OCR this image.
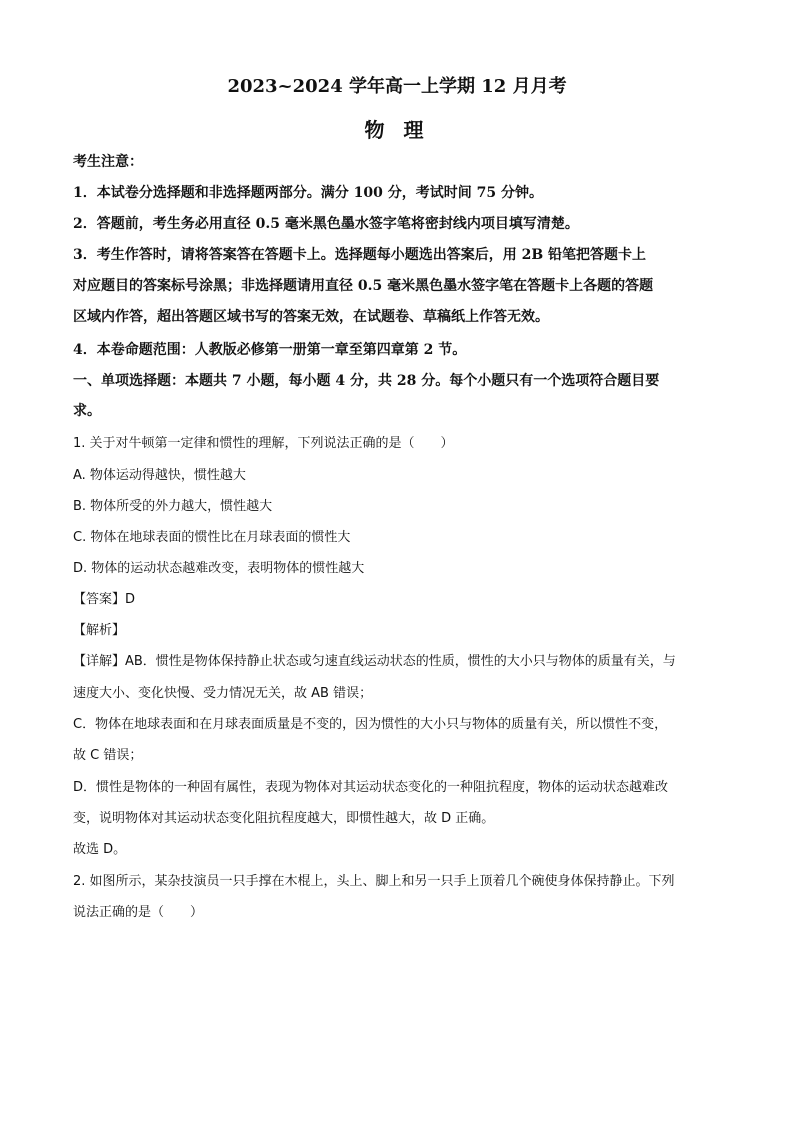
2023~2024 学年高一上学期 12 月月考
物 理
考生注意：
1．本试卷分选择题和非选择题两部分。满分 100 分，考试时间 75 分钟。
2．答题前，考生务必用直径 0.5 毫米黑色墨水签字笔将密封线内项目填写清楚。
3．考生作答时，请将答案答在答题卡上。选择题每小题选出答案后，用 2B 铅笔把答题卡上
对应题目的答案标号涂黑；非选择题请用直径 0.5 毫米黑色墨水签字笔在答题卡上各题的答题
区域内作答，超出答题区域书写的答案无效，在试题卷、草稿纸上作答无效。
4．本卷命题范围：人教版必修第一册第一章至第四章第 2 节。
一、单项选择题：本题共 7 小题，每小题 4 分，共 28 分。每个小题只有一个选项符合题目要
求。
1. 关于对牛顿第一定律和惯性的理解，下列说法正确的是（　　）
A. 物体运动得越快，惯性越大
B. 物体所受的外力越大，惯性越大
C. 物体在地球表面的惯性比在月球表面的惯性大
D. 物体的运动状态越难改变，表明物体的惯性越大
【答案】D
【解析】
【详解】AB．惯性是物体保持静止状态或匀速直线运动状态的性质，惯性的大小只与物体的质量有关，与
速度大小、变化快慢、受力情况无关，故 AB 错误；
C．物体在地球表面和在月球表面质量是不变的，因为惯性的大小只与物体的质量有关，所以惯性不变，
故 C 错误；
D．惯性是物体的一种固有属性，表现为物体对其运动状态变化的一种阻抗程度，物体的运动状态越难改
变，说明物体对其运动状态变化阻抗程度越大，即惯性越大，故 D 正确。
故选 D。
2. 如图所示，某杂技演员一只手撑在木棍上，头上、脚上和另一只手上顶着几个碗使身体保持静止。下列
说法正确的是（　　）
